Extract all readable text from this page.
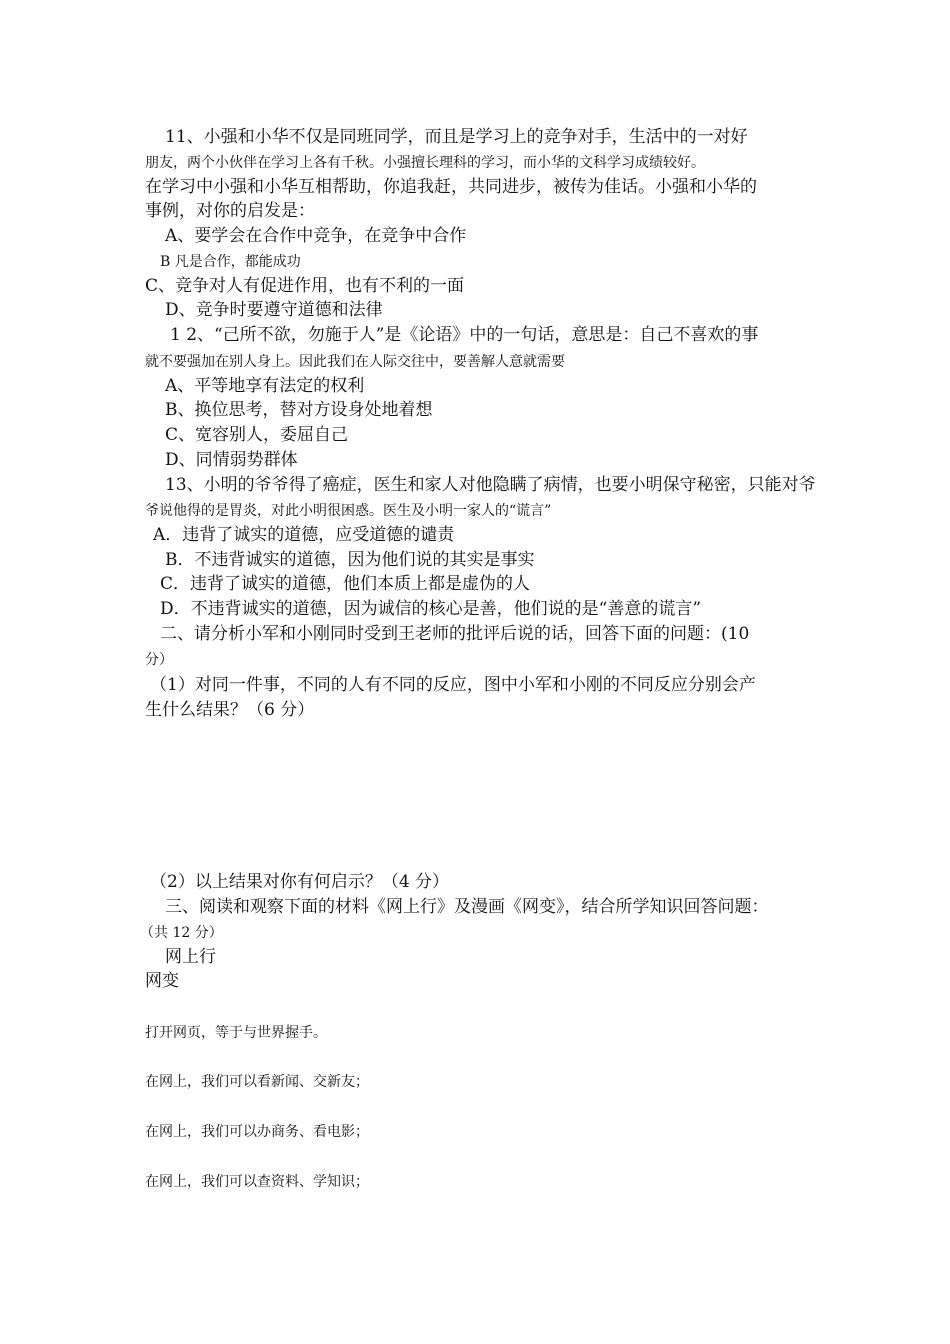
11、小强和小华不仅是同班同学，而且是学习上的竞争对手，生活中的一对好
朋友，两个小伙伴在学习上各有千秋。小强擅长理科的学习，而小华的文科学习成绩较好。
在学习中小强和小华互相帮助，你追我赶，共同进步，被传为佳话。小强和小华的
事例，对你的启发是：
A、要学会在合作中竞争，在竞争中合作
B 凡是合作，都能成功
C、竞争对人有促进作用，也有不利的一面
D、竞争时要遵守道德和法律
1 2、“己所不欲，勿施于人”是《论语》中的一句话，意思是：自己不喜欢的事
就不要强加在别人身上。因此我们在人际交往中，要善解人意就需要
A、平等地享有法定的权利
B、换位思考，替对方设身处地着想
C、宽容别人，委屈自己
D、同情弱势群体
13、小明的爷爷得了癌症，医生和家人对他隐瞒了病情，也要小明保守秘密，只能对爷
爷说他得的是胃炎，对此小明很困惑。医生及小明一家人的“谎言”
A．违背了诚实的道德，应受道德的谴责
B．不违背诚实的道德，因为他们说的其实是事实
C．违背了诚实的道德，他们本质上都是虚伪的人
D．不违背诚实的道德，因为诚信的核心是善，他们说的是“善意的谎言”
二、请分析小军和小刚同时受到王老师的批评后说的话，回答下面的问题：(10
分）
（1）对同一件事，不同的人有不同的反应，图中小军和小刚的不同反应分别会产
生什么结果？（6 分）
（2）以上结果对你有何启示？（4 分）
三、阅读和观察下面的材料《网上行》及漫画《网变》，结合所学知识回答问题：
（共 12 分）
网上行
网变
打开网页，等于与世界握手。
在网上，我们可以看新闻、交新友；
在网上，我们可以办商务、看电影；
在网上，我们可以查资料、学知识；
